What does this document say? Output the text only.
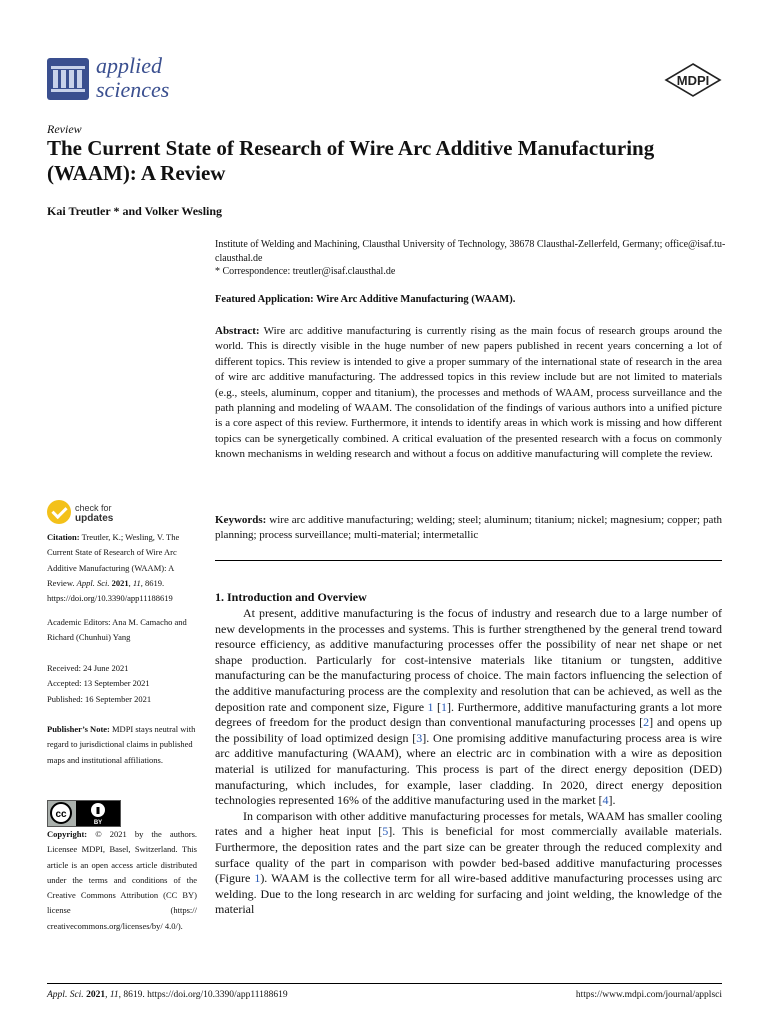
applied
sciences	MDPI
Review
The Current State of Research of Wire Arc Additive Manufacturing (WAAM): A Review
Kai Treutler * and Volker Wesling
Institute of Welding and Machining, Clausthal University of Technology, 38678 Clausthal-Zellerfeld, Germany; office@isaf.tu-clausthal.de
* Correspondence: treutler@isaf.clausthal.de
Featured Application: Wire Arc Additive Manufacturing (WAAM).
Abstract: Wire arc additive manufacturing is currently rising as the main focus of research groups around the world. This is directly visible in the huge number of new papers published in recent years concerning a lot of different topics. This review is intended to give a proper summary of the international state of research in the area of wire arc additive manufacturing. The addressed topics in this review include but are not limited to materials (e.g., steels, aluminum, copper and titanium), the processes and methods of WAAM, process surveillance and the path planning and modeling of WAAM. The consolidation of the findings of various authors into a unified picture is a core aspect of this review. Furthermore, it intends to identify areas in which work is missing and how different topics can be synergetically combined. A critical evaluation of the presented research with a focus on commonly known mechanisms in welding research and without a focus on additive manufacturing will complete the review.
Keywords: wire arc additive manufacturing; welding; steel; aluminum; titanium; nickel; magnesium; copper; path planning; process surveillance; multi-material; intermetallic
1. Introduction and Overview

At present, additive manufacturing is the focus of industry and research due to a large number of new developments in the processes and systems. This is further strengthened by the general trend toward resource efficiency, as additive manufacturing processes offer the possibility of near net shape or net shape production. Particularly for cost-intensive materials like titanium or tungsten, additive manufacturing can be the manufacturing process of choice. The main factors influencing the selection of the additive manufacturing process are the complexity and resolution that can be achieved, as well as the deposition rate and component size, Figure 1 [1]. Furthermore, additive manufacturing grants a lot more degrees of freedom for the product design than conventional manufacturing processes [2] and opens up the possibility of load optimized design [3]. One promising additive manufacturing process area is wire arc additive manufacturing (WAAM), where an electric arc in combination with a wire as deposition material is utilized for manufacturing. This process is part of the direct energy deposition (DED) manufacturing, which includes, for example, laser cladding. In 2020, direct energy deposition technologies represented 16% of the additive manufacturing used in the market [4].

In comparison with other additive manufacturing processes for metals, WAAM has smaller cooling rates and a higher heat input [5]. This is beneficial for most commercially available materials. Furthermore, the deposition rates and the part size can be greater through the reduced complexity and surface quality of the part in comparison with powder bed-based additive manufacturing processes (Figure 1). WAAM is the collective term for all wire-based additive manufacturing processes using arc welding. Due to the long research in arc welding for surfacing and joint welding, the knowledge of the material

check for
updates
Citation: Treutler, K.; Wesling, V. The Current State of Research of Wire Arc Additive Manufacturing (WAAM): A Review. Appl. Sci. 2021, 11, 8619. https://doi.org/10.3390/app11188619
Academic Editors: Ana M. Camacho and Richard (Chunhui) Yang
Received: 24 June 2021
Accepted: 13 September 2021
Published: 16 September 2021
Publisher’s Note: MDPI stays neutral with regard to jurisdictional claims in published maps and institutional affiliations.
cc
BY
Copyright: © 2021 by the authors. Licensee MDPI, Basel, Switzerland. This article is an open access article distributed under the terms and conditions of the Creative Commons Attribution (CC BY) license (https:// creativecommons.org/licenses/by/ 4.0/).
Appl. Sci. 2021, 11, 8619. https://doi.org/10.3390/app11188619	https://www.mdpi.com/journal/applsci
